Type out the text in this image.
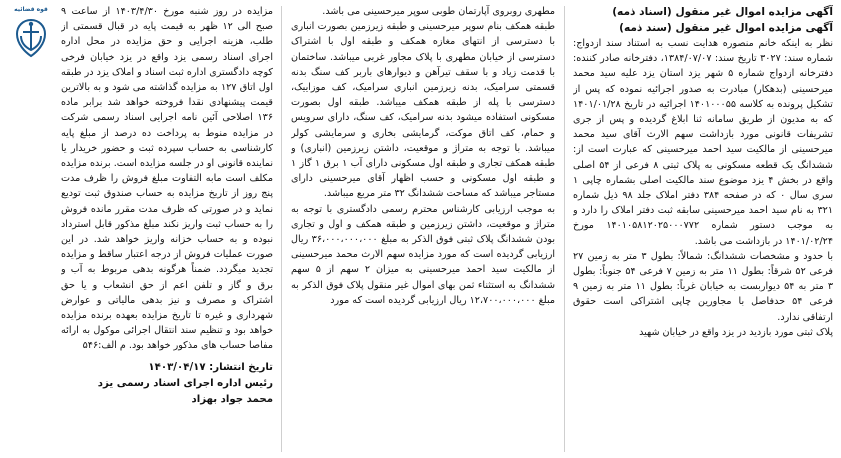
قوه قضائیه	آگهی مزایده اموال غیر منقول (اسناد ذمه)
آگهی مزایده اموال غیر منقول (سند ذمه)

نظر به اینکه خانم منصوره هدایت نسب به استناد سند ازدواج: شماره سند: ۳۰۲۷ تاریخ سند: ۱۳۸۴/۰۷/۰۷، دفترخانه صادر کننده: دفترخانه ازدواج شماره ۵ شهر یزد استان یزد علیه سید محمد میرحسینی (بدهکار) مبادرت به صدور اجرائیه نموده که پس از تشکیل پرونده به کلاسه ۱۴۰۱۰۰۰۵۵ اجرائیه در تاریخ ۱۴۰۱/۰۱/۲۸ که به مدیون از طریق سامانه ثنا ابلاغ گردیده و پس از جری تشریفات قانونی مورد بازداشت سهم الارث آقای سید محمد میرحسینی از مالکیت سید احمد میرحسینی که عبارت است از: ششدانگ یک قطعه مسکونی به پلاک ثبتی ۸ فرعی از ۵۴ اصلی واقع در بخش ۴ یزد موضوع سند مالکیت اصلی بشماره چاپی ۱ سری سال ۰ که در صفحه ۳۸۴ دفتر املاک جلد ۹۸ ذیل شماره ۳۲۱ به نام سید احمد میرحسینی سابقه ثبت دفتر املاک را دارد و به موجب دستور شماره ۱۴۰۱۰۵۸۱۲۰۲۵۰۰۰۷۷۲ مورخ ۱۴۰۱/۰۲/۲۴ در بازداشت می باشد.

با حدود و مشخصات ششدانگ: شمالاً: بطول ۳ متر به زمین ۲۷ فرعی ۵۲ شرقاً: بطول ۱۱ متر به زمین ۷ فرعی ۵۴ جنوباً: بطول ۳ متر به ۵۴ دیواربست به خیابان غرباً: بطول ۱۱ متر به زمین ۹ فرعی ۵۴ حدفاصل با مجاورین چاپی اشتراکی است حقوق ارتفاقی ندارد.

پلاک ثبتی مورد بازدید در یزد واقع در خیابان شهید

مطهری روبروی آپارتمان طوبی سوپر میرحسینی می باشد.

طبقه همکف بنام سوپر میرحسینی و طبقه زیرزمین بصورت انباری با دسترسی از انتهای مغازه همکف و طبقه اول با اشتراک دسترسی از خیابان مطهری با پلاک مجاور غربی میباشد. ساختمان با قدمت زیاد و با سقف تیرآهن و دیوارهای باربر کف سنگ بدنه قسمتی سرامیک، بدنه زیرزمین انباری سرامیک، کف موزاییک، دسترسی با پله از طبقه همکف میباشد. طبقه اول بصورت مسکونی استفاده میشود بدنه سرامیک، کف سنگ، دارای سرویس و حمام، کف اتاق موکت، گرمایشی بخاری و سرمایشی کولر میباشد. با توجه به متراژ و موقعیت، داشتن زیرزمین (انباری) و طبقه همکف تجاری و طبقه اول مسکونی دارای آب ۱ برق ۱ گاز ۱ و طبقه اول مسکونی و حسب اظهار آقای میرحسینی دارای مستاجر میباشد که مساحت ششدانگ ۳۲ متر مربع میباشد.

به موجب ارزیابی کارشناس محترم رسمی دادگستری با توجه به متراژ و موقعیت، داشتن زیرزمین و طبقه همکف و اول و تجاری بودن ششدانگ پلاک ثبتی فوق الذکر به مبلغ ۳۶،۰۰۰،۰۰۰،۰۰۰ ریال ارزیابی گردیده است که مورد مزایده سهم الارث محمد میرحسینی از مالکیت سید احمد میرحسینی به میزان ۲ سهم از ۵ سهم ششدانگ به استثناء ثمن بهای اموال غیر منقول پلاک فوق الذکر به مبلغ ۱۲،۷۰۰،۰۰۰،۰۰۰ ریال ارزیابی گردیده است که مورد

مزایده در روز شنبه مورخ ۱۴۰۳/۴/۳۰ از ساعت ۹ صبح الی ۱۲ ظهر به قیمت پایه در قبال قسمتی از طلب، هزینه اجرایی و حق مزایده در محل اداره اجرای اسناد رسمی یزد واقع در یزد خیابان فرخی کوچه دادگستری اداره ثبت اسناد و املاک یزد در طبقه اول اتاق ۱۲۷ به مزایده گذاشته می شود و به بالاترین قیمت پیشنهادی نقدا فروخته خواهد شد برابر ماده ۱۳۶ اصلاحی آئین نامه اجرایی اسناد رسمی شرکت در مزایده منوط به پرداخت ده درصد از مبلغ پایه کارشناسی به حساب سپرده ثبت و حضور خریدار یا نماینده قانونی او در جلسه مزایده است. برنده مزایده مکلف است مابه التفاوت مبلغ فروش را ظرف مدت پنج روز از تاریخ مزایده به حساب صندوق ثبت تودیع نماید و در صورتی که ظرف مدت مقرر مانده فروش را به حساب ثبت واریز نکند مبلغ مذکور قابل استرداد نبوده و به حساب خزانه واریز خواهد شد. در این صورت عملیات فروش از درجه اعتبار ساقط و مزایده تجدید میگردد. ضمناً هرگونه بدهی مربوط به آب و برق و گاز و تلفن اعم از حق انشعاب و یا حق اشتراک و مصرف و نیز بدهی مالیاتی و عوارض شهرداری و غیره تا تاریخ مزایده بعهده برنده مزایده خواهد بود و تنظیم سند انتقال اجرائی موکول به ارائه مفاصا حساب های مذکور خواهد بود. م الف:۵۴۶

تاریخ انتشار: ۱۴۰۳/۰۴/۱۷
رئیس اداره اجرای اسناد رسمی یزد
محمد جواد بهزاد
